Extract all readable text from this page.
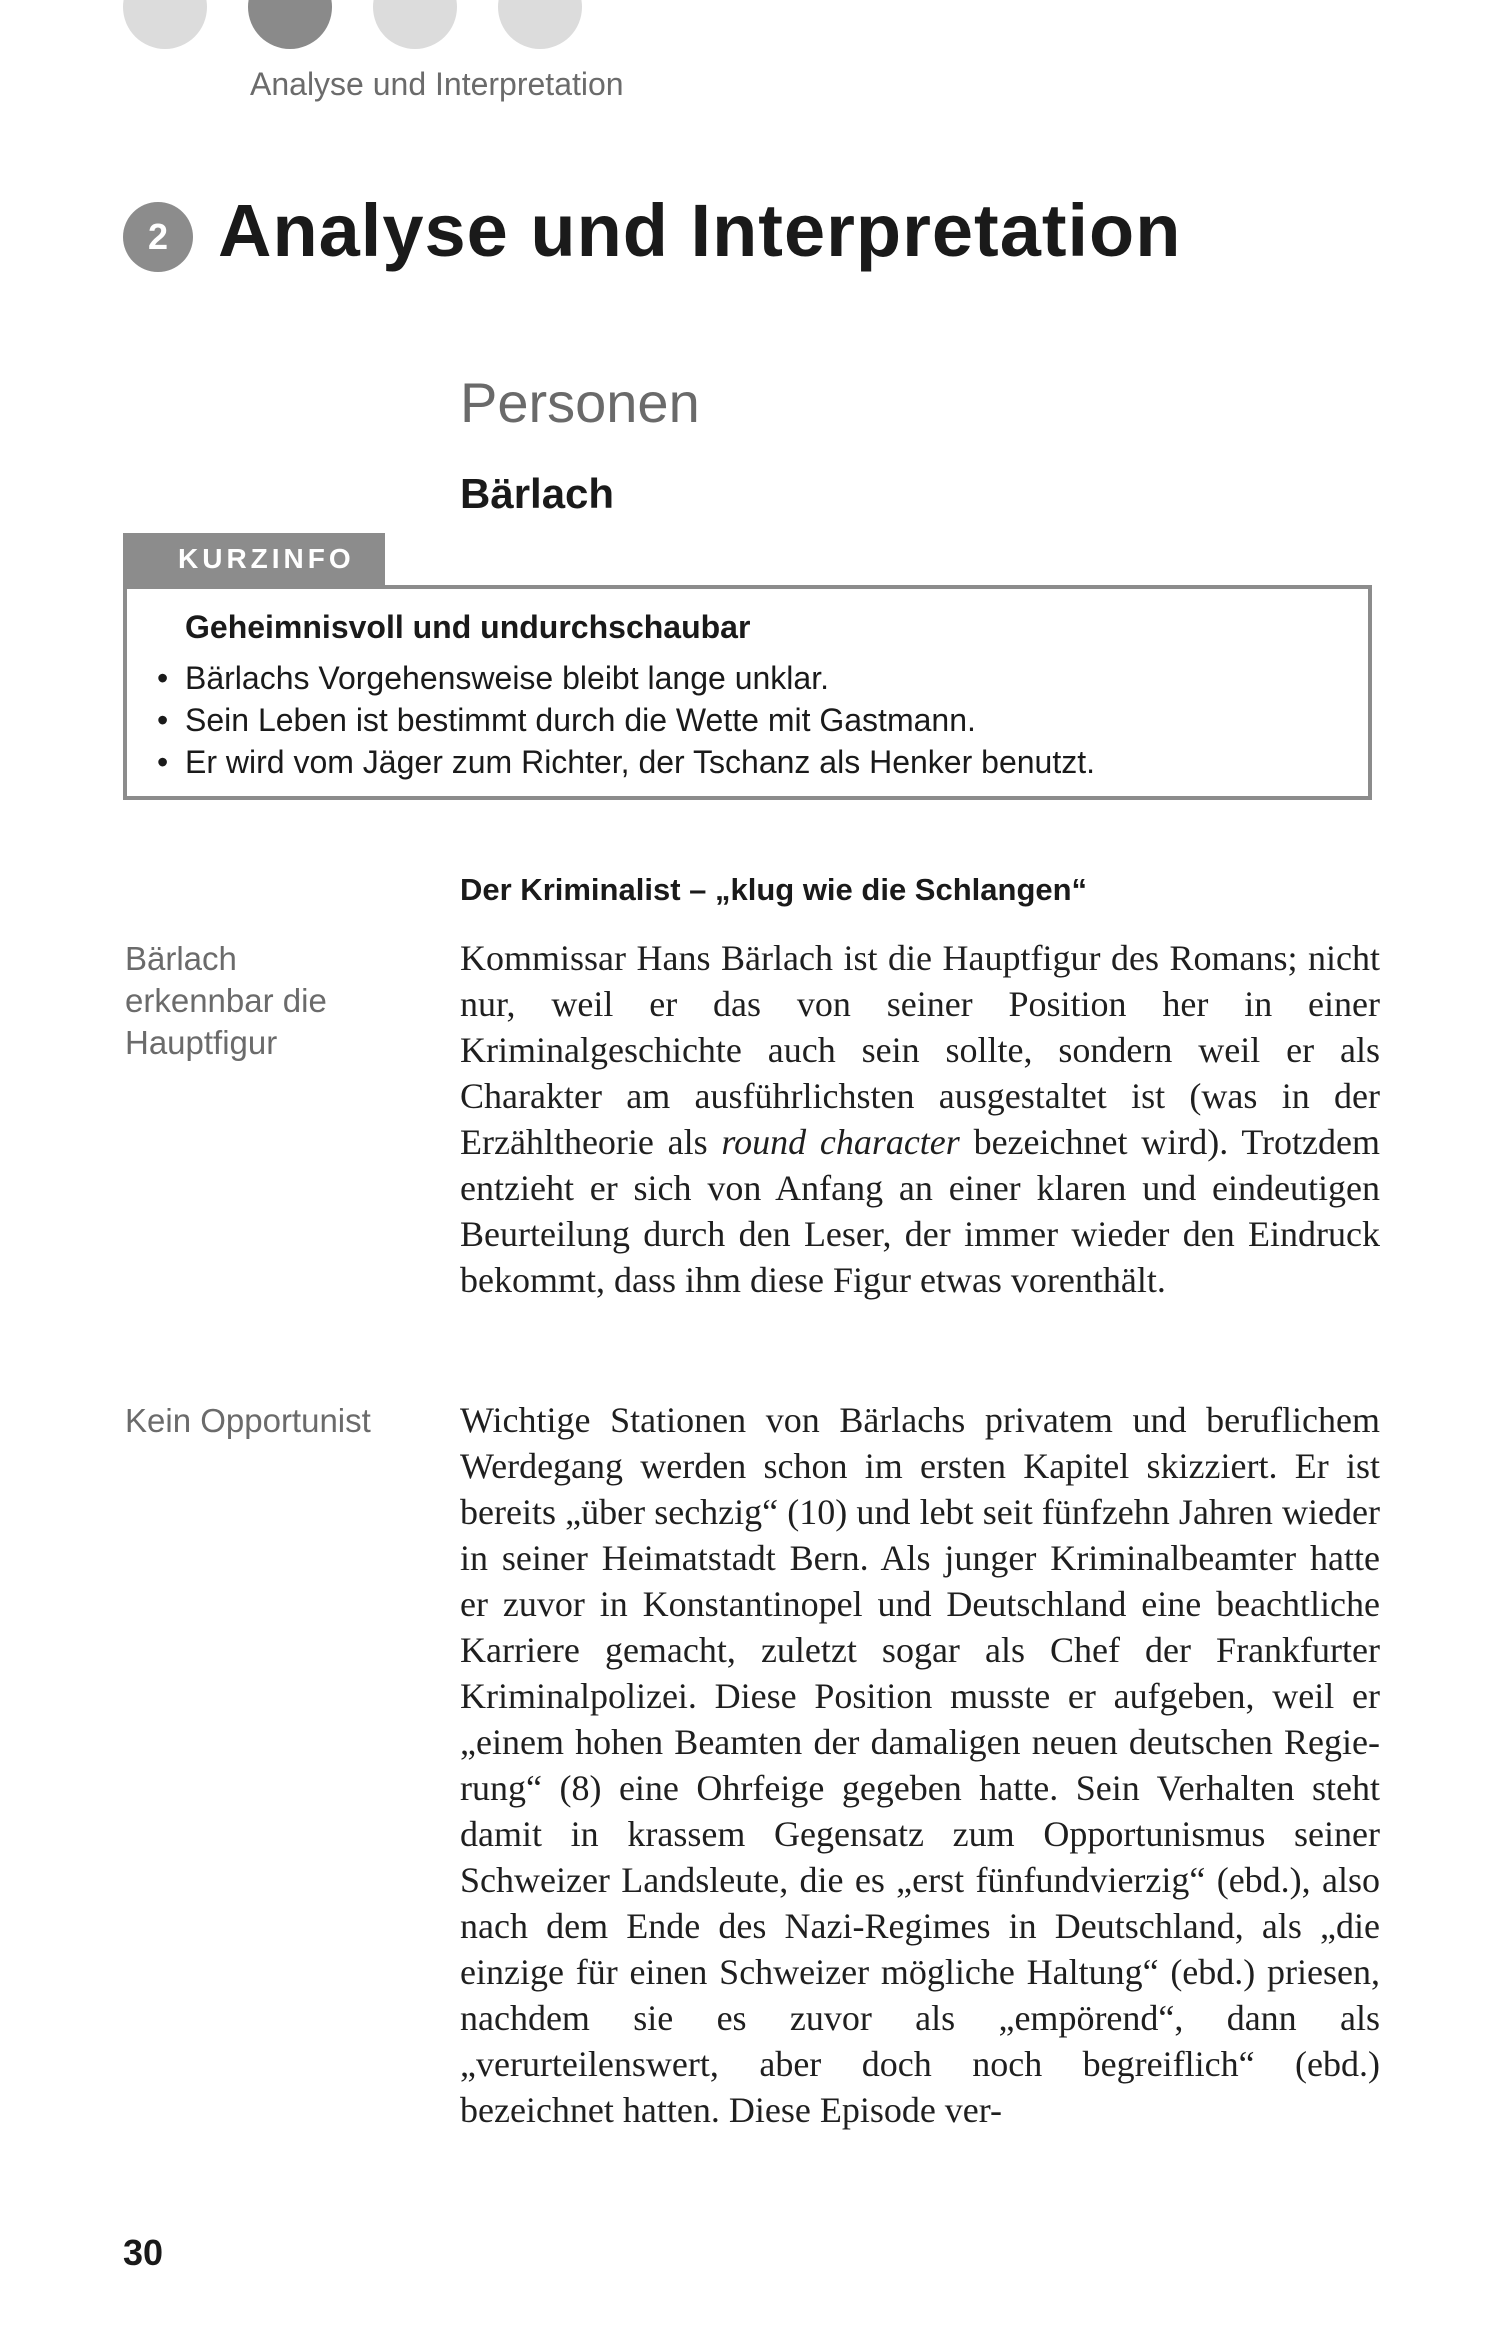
Analyse und Interpretation
2 Analyse und Interpretation
Personen
Bärlach
KURZINFO
Geheimnisvoll und undurchschaubar
• Bärlachs Vorgehensweise bleibt lange unklar.
• Sein Leben ist bestimmt durch die Wette mit Gastmann.
• Er wird vom Jäger zum Richter, der Tschanz als Henker benutzt.
Der Kriminalist – „klug wie die Schlangen“
Bärlach erkennbar die Hauptfigur
Kein Opportunist
Kommissar Hans Bärlach ist die Hauptfigur des Romans; nicht nur, weil er das von seiner Position her in einer Kriminalgeschichte auch sein sollte, sondern weil er als Charakter am ausführlichsten ausgestaltet ist (was in der Erzähltheorie als round character bezeichnet wird). Trotzdem entzieht er sich von Anfang an einer klaren und eindeutigen Beurteilung durch den Leser, der immer wieder den Eindruck bekommt, dass ihm diese Figur etwas vorenthält.
Wichtige Stationen von Bärlachs privatem und beruflichem Werdegang werden schon im ersten Kapitel skizziert. Er ist bereits „über sechzig“ (10) und lebt seit fünfzehn Jahren wieder in seiner Heimatstadt Bern. Als junger Kriminalbeamter hatte er zuvor in Konstantinopel und Deutschland eine beachtliche Karriere gemacht, zuletzt sogar als Chef der Frankfurter Kriminalpolizei. Diese Position musste er aufgeben, weil er „einem hohen Beamten der damaligen neuen deutschen Regierung“ (8) eine Ohrfeige gegeben hatte. Sein Verhalten steht damit in krassem Gegensatz zum Opportunismus seiner Schweizer Landsleute, die es „erst fünfundvierzig“ (ebd.), also nach dem Ende des Nazi-Regimes in Deutschland, als „die einzige für einen Schweizer mögliche Haltung“ (ebd.) priesen, nachdem sie es zuvor als „empörend“, dann als „verurteilenswert, aber doch noch begreiflich“ (ebd.) bezeichnet hatten. Diese Episode ver-
30
